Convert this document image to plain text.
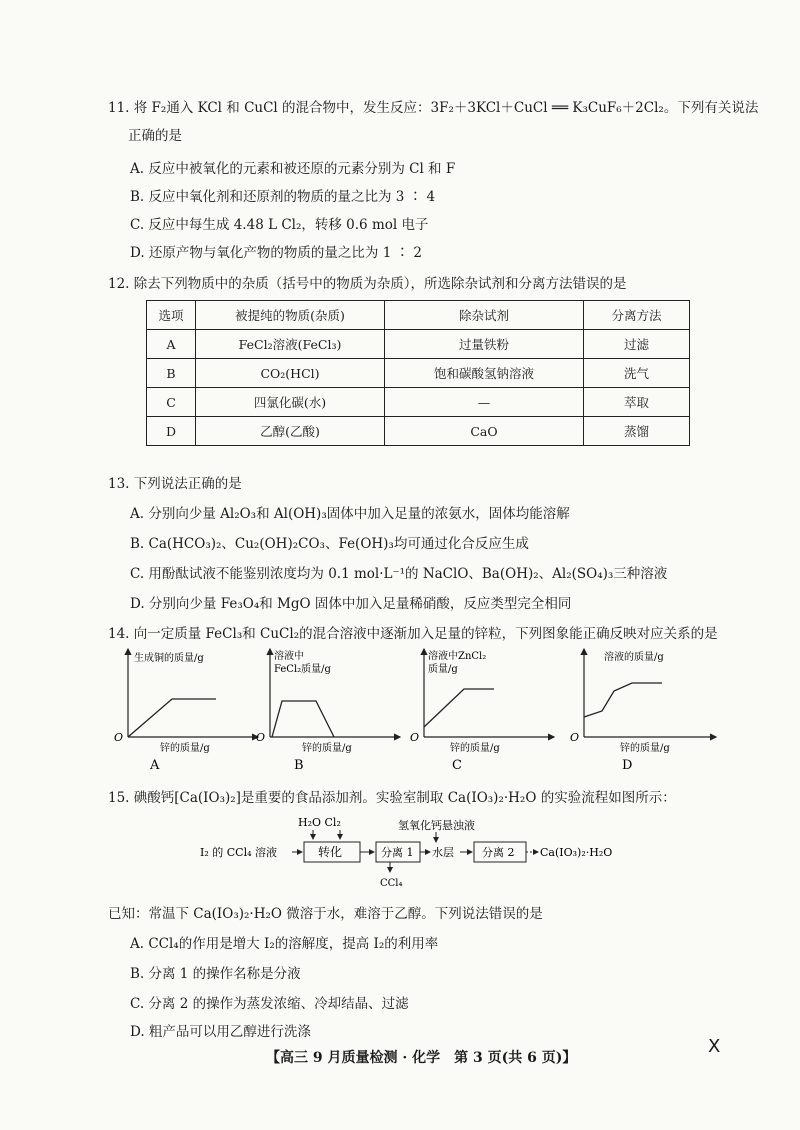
11. 将 F₂通入 KCl 和 CuCl 的混合物中，发生反应：3F₂＋3KCl＋CuCl ══ K₃CuF₆＋2Cl₂。下列有关说法
正确的是
A. 反应中被氧化的元素和被还原的元素分别为 Cl 和 F
B. 反应中氧化剂和还原剂的物质的量之比为 3 ∶ 4
C. 反应中每生成 4.48 L Cl₂，转移 0.6 mol 电子
D. 还原产物与氧化产物的物质的量之比为 1 ∶ 2
12. 除去下列物质中的杂质（括号中的物质为杂质），所选除杂试剂和分离方法错误的是
选项	被提纯的物质(杂质)	除杂试剂	分离方法
A	FeCl₂溶液(FeCl₃)	过量铁粉	过滤
B	CO₂(HCl)	饱和碳酸氢钠溶液	洗气
C	四氯化碳(水)	—	萃取
D	乙醇(乙酸)	CaO	蒸馏
13. 下列说法正确的是
A. 分别向少量 Al₂O₃和 Al(OH)₃固体中加入足量的浓氨水，固体均能溶解
B. Ca(HCO₃)₂、Cu₂(OH)₂CO₃、Fe(OH)₃均可通过化合反应生成
C. 用酚酞试液不能鉴别浓度均为 0.1 mol·L⁻¹的 NaClO、Ba(OH)₂、Al₂(SO₄)₃三种溶液
D. 分别向少量 Fe₃O₄和 MgO 固体中加入足量稀硝酸，反应类型完全相同
14. 向一定质量 FeCl₃和 CuCl₂的混合溶液中逐渐加入足量的锌粒，下列图象能正确反映对应关系的是
生成铜的质量/g
O
锌的质量/g
A
溶液中
FeCl₂质量/g
O
锌的质量/g
B
溶液中ZnCl₂
质量/g
O
锌的质量/g
C
溶液的质量/g
O
锌的质量/g
D
15. 碘酸钙[Ca(IO₃)₂]是重要的食品添加剂。实验室制取 Ca(IO₃)₂·H₂O 的实验流程如图所示：
I₂ 的 CCl₄ 溶液
H₂O Cl₂
转化	分离 1
CCl₄
氢氧化钙悬浊液
水层	分离 2 Ca(IO₃)₂·H₂O
已知：常温下 Ca(IO₃)₂·H₂O 微溶于水，难溶于乙醇。下列说法错误的是
A. CCl₄的作用是增大 I₂的溶解度，提高 I₂的利用率
B. 分离 1 的操作名称是分液
C. 分离 2 的操作为蒸发浓缩、冷却结晶、过滤
D. 粗产品可以用乙醇进行洗涤
X
【高三 9 月质量检测 · 化学　第 3 页(共 6 页)】
